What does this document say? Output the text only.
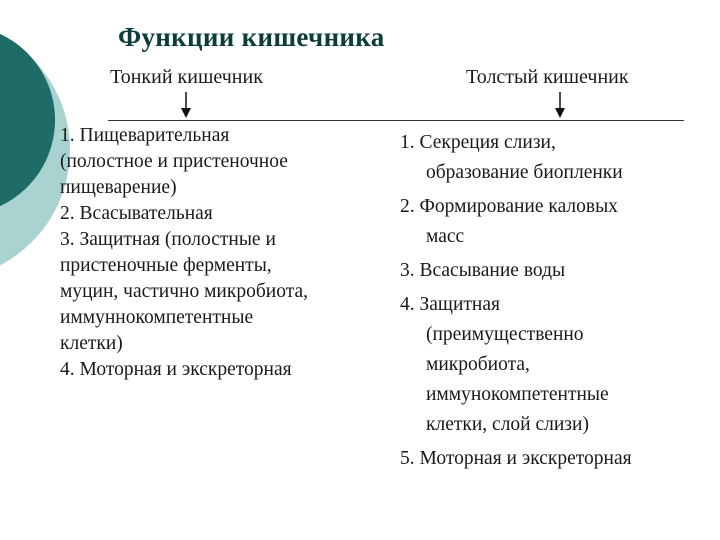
Функции кишечника
Тонкий кишечник	Толстый кишечник
1. Пищеварительная
(полостное и пристеночное
пищеварение)
2. Всасывательная
3. Защитная (полостные и
пристеночные ферменты,
муцин, частично микробиота,
иммуннокомпетентные
клетки)
4. Моторная и экскреторная
1. Секреция слизи,
образование биопленки
2. Формирование каловых
масс
3. Всасывание воды
4. Защитная
(преимущественно
микробиота,
иммунокомпетентные
клетки, слой слизи)
5. Моторная и экскреторная
